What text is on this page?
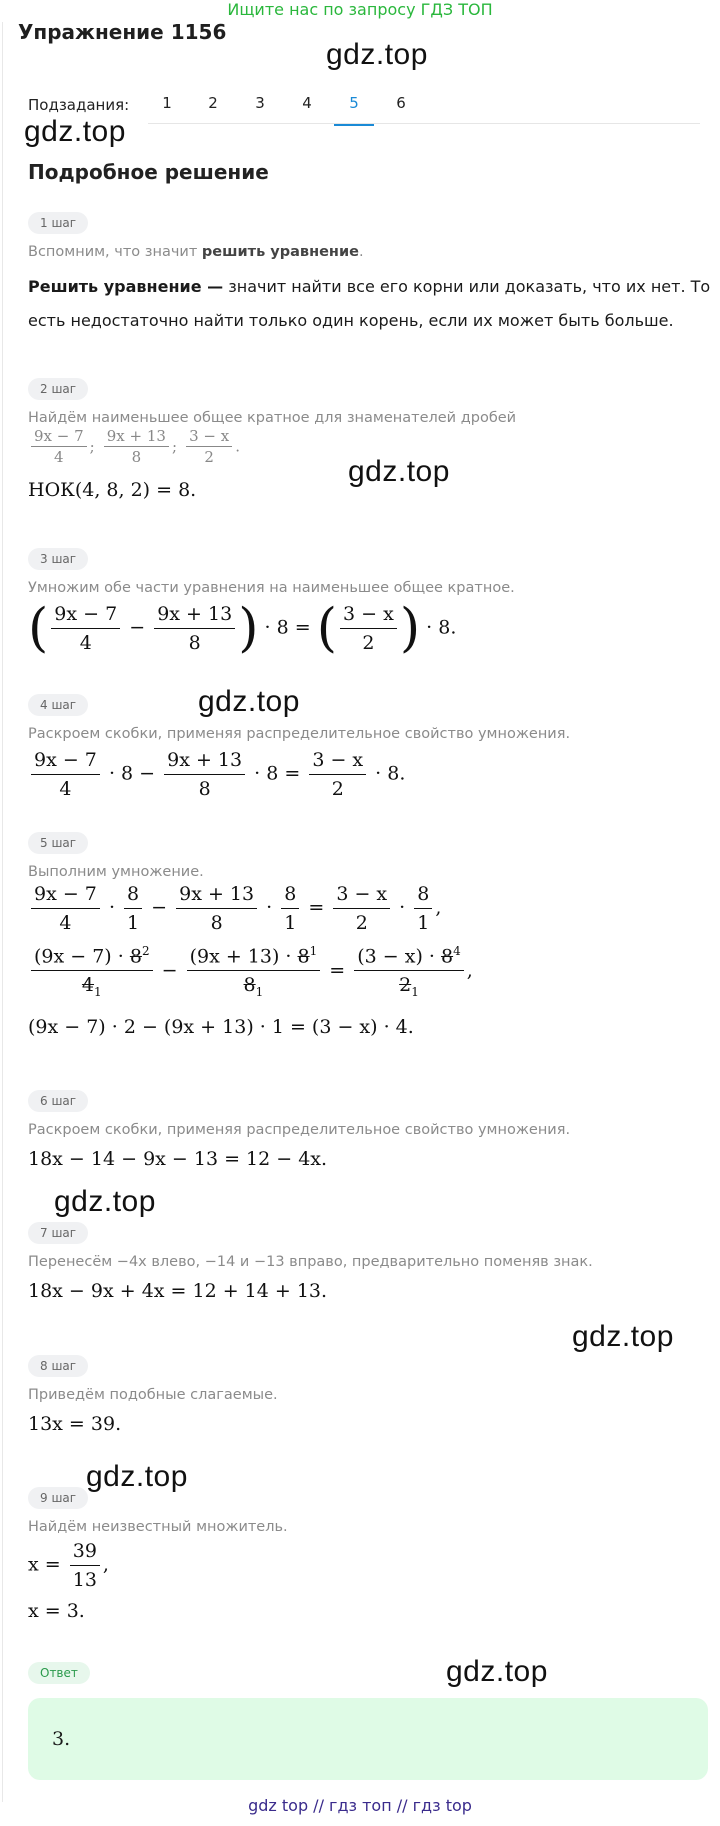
Ищите нас по запросу ГДЗ ТОП
Упражнение 1156
gdz.top
Подзадания:	1	2	3	4	5	6
gdz.top
Подробное решение
1 шаг
Вспомним, что значит решить уравнение.
Решить уравнение — значит найти все его корни или доказать, что их нет. То есть недостаточно найти только один корень, если их может быть больше.
2 шаг
Найдём наименьшее общее кратное для знаменателей дробей
$\frac{9x - 7}{4}$ ; $\frac{9x + 13}{8}$ ; $\frac{3 - x}{2}$ .
НОК(4, 8, 2) = 8.
gdz.top
3 шаг
Умножим обе части уравнения на наименьшее общее кратное.
( $\frac{9x - 7}{4} - \frac{9x + 13}{8}$ ) · 8 = ( $\frac{3 - x}{2}$ ) · 8.
gdz.top
4 шаг
Раскроем скобки, применяя распределительное свойство умножения.
$\frac{9x - 7}{4} \cdot 8 - \frac{9x + 13}{8} \cdot 8 = \frac{3 - x}{2} \cdot 8$.
5 шаг
Выполним умножение.
$\frac{9x - 7}{4} \cdot \frac{8}{1} - \frac{9x + 13}{8} \cdot \frac{8}{1} = \frac{3 - x}{2} \cdot \frac{8}{1}$ ,
$\frac{(9x - 7) \cdot 8^2}{4_1} - \frac{(9x + 13) \cdot 8^1}{8_1} = \frac{(3 - x) \cdot 8^4}{2_1}$ ,
(9x − 7) · 2 − (9x + 13) · 1 = (3 − x) · 4.
6 шаг
Раскроем скобки, применяя распределительное свойство умножения.
18x − 14 − 9x − 13 = 12 − 4x.
gdz.top
7 шаг
Перенесём −4x влево, −14 и −13 вправо, предварительно поменяв знак.
18x − 9x + 4x = 12 + 14 + 13.
gdz.top
8 шаг
Приведём подобные слагаемые.
13x = 39.
gdz.top
9 шаг
Найдём неизвестный множитель.
$x = \frac{39}{13}$ ,
x = 3.
Ответ	gdz.top
3.
gdz top // гдз топ // гдз top
